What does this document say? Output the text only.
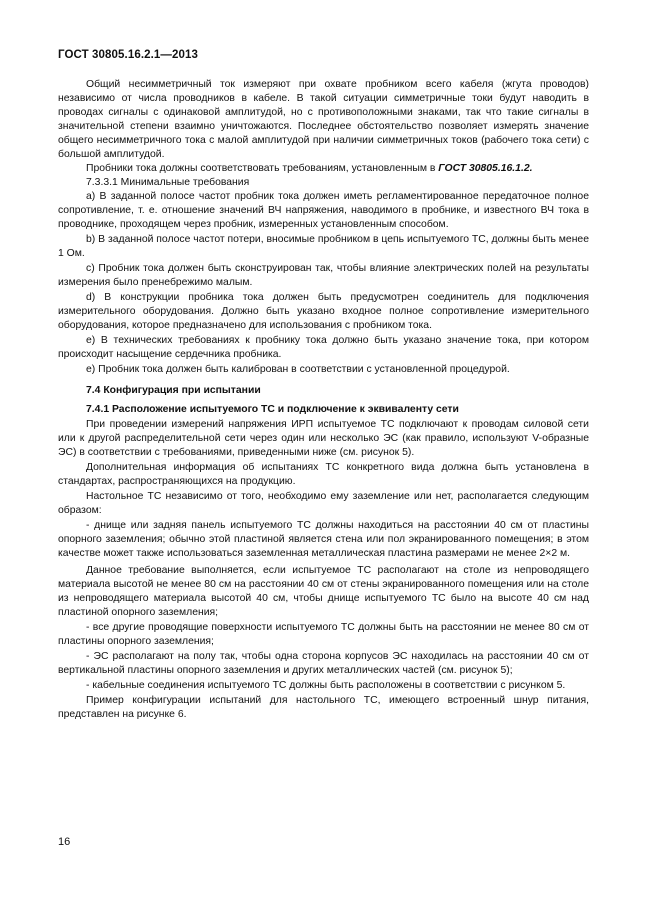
ГОСТ 30805.16.2.1—2013

Общий несимметричный ток измеряют при охвате пробником всего кабеля (жгута проводов) независимо от числа проводников в кабеле. В такой ситуации симметричные токи будут наводить в проводах сигналы с одинаковой амплитудой, но с противоположными знаками, так что такие сигналы в значительной степени взаимно уничтожаются. Последнее обстоятельство позволяет измерять значение общего несимметричного тока с малой амплитудой при наличии симметричных токов (рабочего тока сети) с большой амплитудой.

Пробники тока должны соответствовать требованиям, установленным в ГОСТ 30805.16.1.2.

7.3.3.1 Минимальные требования

а) В заданной полосе частот пробник тока должен иметь регламентированное передаточное полное сопротивление, т. е. отношение значений ВЧ напряжения, наводимого в пробнике, и известного ВЧ тока в проводнике, проходящем через пробник, измеренных установленным способом.

b) В заданной полосе частот потери, вносимые пробником в цепь испытуемого ТС, должны быть менее 1 Ом.

c) Пробник тока должен быть сконструирован так, чтобы влияние электрических полей на результаты измерения было пренебрежимо малым.

d) В конструкции пробника тока должен быть предусмотрен соединитель для подключения измерительного оборудования. Должно быть указано входное полное сопротивление измерительного оборудования, которое предназначено для использования с пробником тока.

e) В технических требованиях к пробнику тока должно быть указано значение тока, при котором происходит насыщение сердечника пробника.

е) Пробник тока должен быть калиброван в соответствии с установленной процедурой.

7.4 Конфигурация при испытании

7.4.1 Расположение испытуемого ТС и подключение к эквиваленту сети

При проведении измерений напряжения ИРП испытуемое ТС подключают к проводам силовой сети или к другой распределительной сети через один или несколько ЭС (как правило, используют V-образные ЭС) в соответствии с требованиями, приведенными ниже (см. рисунок 5).

Дополнительная информация об испытаниях ТС конкретного вида должна быть установлена в стандартах, распространяющихся на продукцию.

Настольное ТС независимо от того, необходимо ему заземление или нет, располагается следующим образом:

- днище или задняя панель испытуемого ТС должны находиться на расстоянии 40 см от пластины опорного заземления; обычно этой пластиной является стена или пол экранированного помещения; в этом качестве может также использоваться заземленная металлическая пластина размерами не менее 2×2 м.

Данное требование выполняется, если испытуемое ТС располагают на столе из непроводящего материала высотой не менее 80 см на расстоянии 40 см от стены экранированного помещения или на столе из непроводящего материала высотой 40 см, чтобы днище испытуемого ТС было на высоте 40 см над пластиной опорного заземления;

- все другие проводящие поверхности испытуемого ТС должны быть на расстоянии не менее 80 см от пластины опорного заземления;

- ЭС располагают на полу так, чтобы одна сторона корпусов ЭС находилась на расстоянии 40 см от вертикальной пластины опорного заземления и других металлических частей (см. рисунок 5);

- кабельные соединения испытуемого ТС должны быть расположены в соответствии с рисунком 5.

Пример конфигурации испытаний для настольного ТС, имеющего встроенный шнур питания, представлен на рисунке 6.

16
